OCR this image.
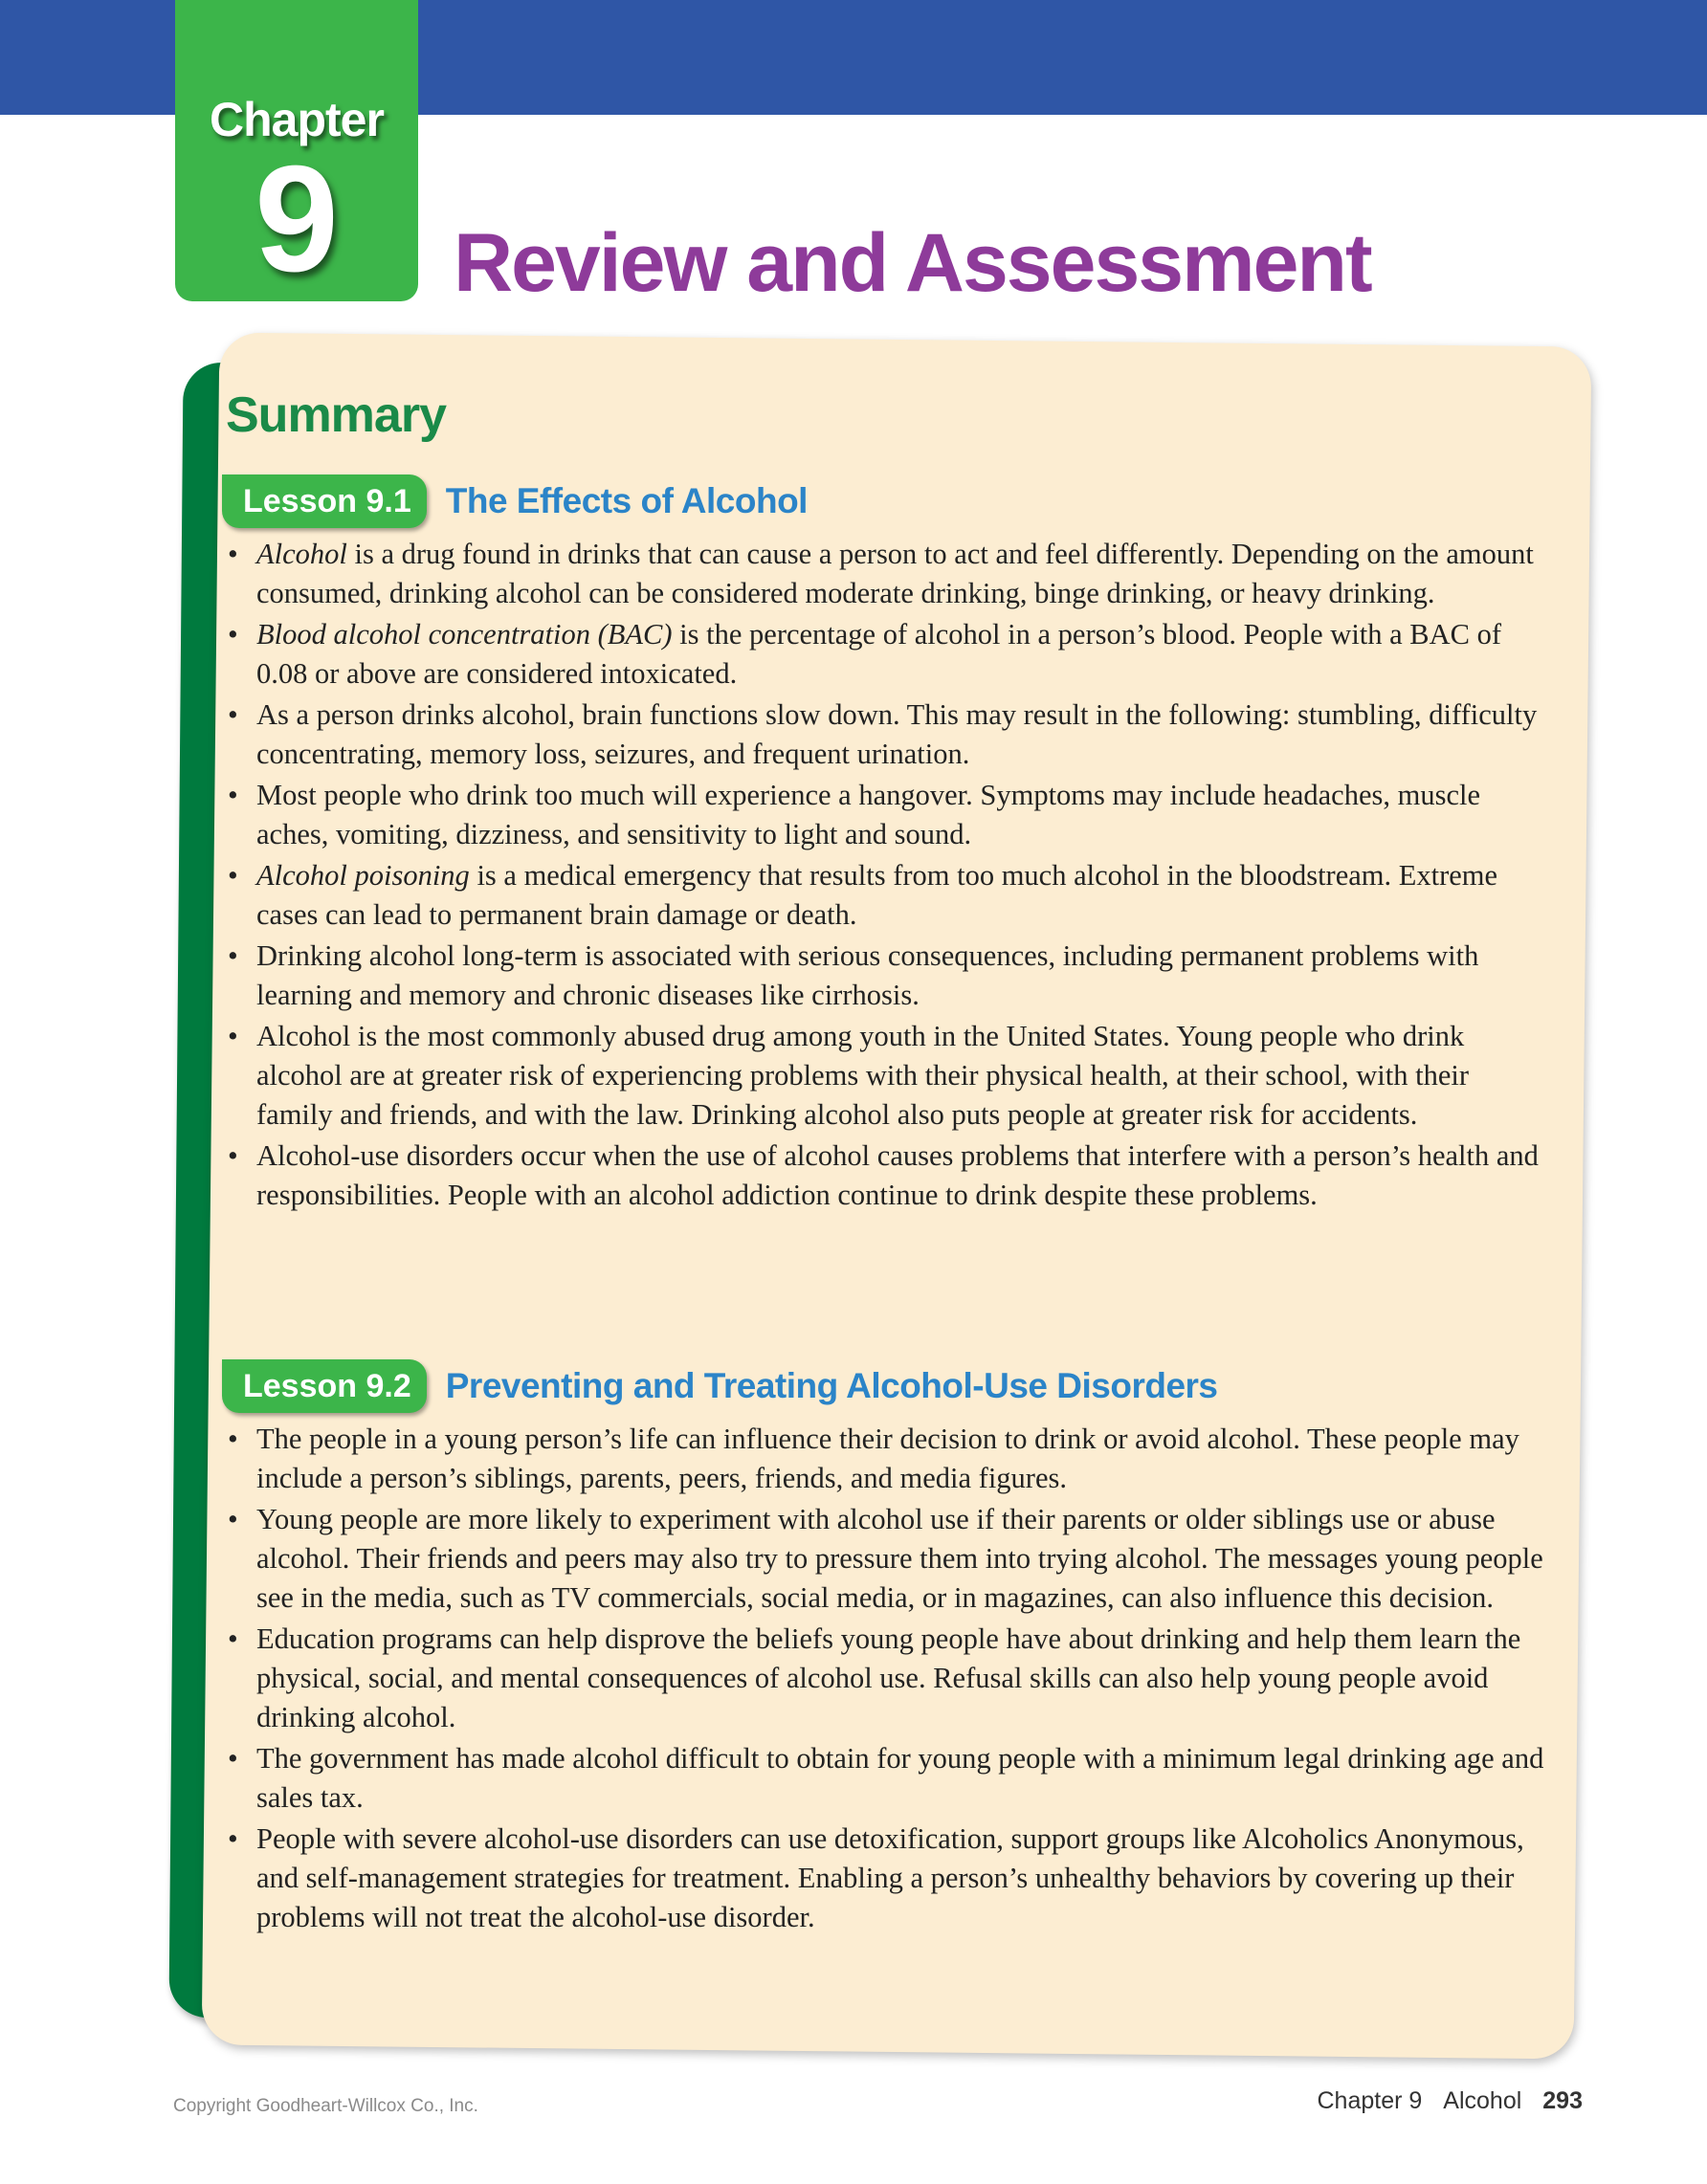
Chapter
9	Review and Assessment
Summary
Lesson 9.1 The Effects of Alcohol
• Alcohol is a drug found in drinks that can cause a person to act and feel differently. Depending on the amount consumed, drinking alcohol can be considered moderate drinking, binge drinking, or heavy drinking.
• Blood alcohol concentration (BAC) is the percentage of alcohol in a person’s blood. People with a BAC of 0.08 or above are considered intoxicated.
• As a person drinks alcohol, brain functions slow down. This may result in the following: stumbling, difficulty concentrating, memory loss, seizures, and frequent urination.
• Most people who drink too much will experience a hangover. Symptoms may include headaches, muscle aches, vomiting, dizziness, and sensitivity to light and sound.
• Alcohol poisoning is a medical emergency that results from too much alcohol in the bloodstream. Extreme cases can lead to permanent brain damage or death.
• Drinking alcohol long-term is associated with serious consequences, including permanent problems with learning and memory and chronic diseases like cirrhosis.
• Alcohol is the most commonly abused drug among youth in the United States. Young people who drink alcohol are at greater risk of experiencing problems with their physical health, at their school, with their family and friends, and with the law. Drinking alcohol also puts people at greater risk for accidents.
• Alcohol-use disorders occur when the use of alcohol causes problems that interfere with a person’s health and responsibilities. People with an alcohol addiction continue to drink despite these problems.
Lesson 9.2 Preventing and Treating Alcohol-Use Disorders
• The people in a young person’s life can influence their decision to drink or avoid alcohol. These people may include a person’s siblings, parents, peers, friends, and media figures.
• Young people are more likely to experiment with alcohol use if their parents or older siblings use or abuse alcohol. Their friends and peers may also try to pressure them into trying alcohol. The messages young people see in the media, such as TV commercials, social media, or in magazines, can also influence this decision.
• Education programs can help disprove the beliefs young people have about drinking and help them learn the physical, social, and mental consequences of alcohol use. Refusal skills can also help young people avoid drinking alcohol.
• The government has made alcohol difficult to obtain for young people with a minimum legal drinking age and sales tax.
• People with severe alcohol-use disorders can use detoxification, support groups like Alcoholics Anonymous, and self-management strategies for treatment. Enabling a person’s unhealthy behaviors by covering up their problems will not treat the alcohol-use disorder.
Copyright Goodheart-Willcox Co., Inc.	Chapter 9 Alcohol 293
